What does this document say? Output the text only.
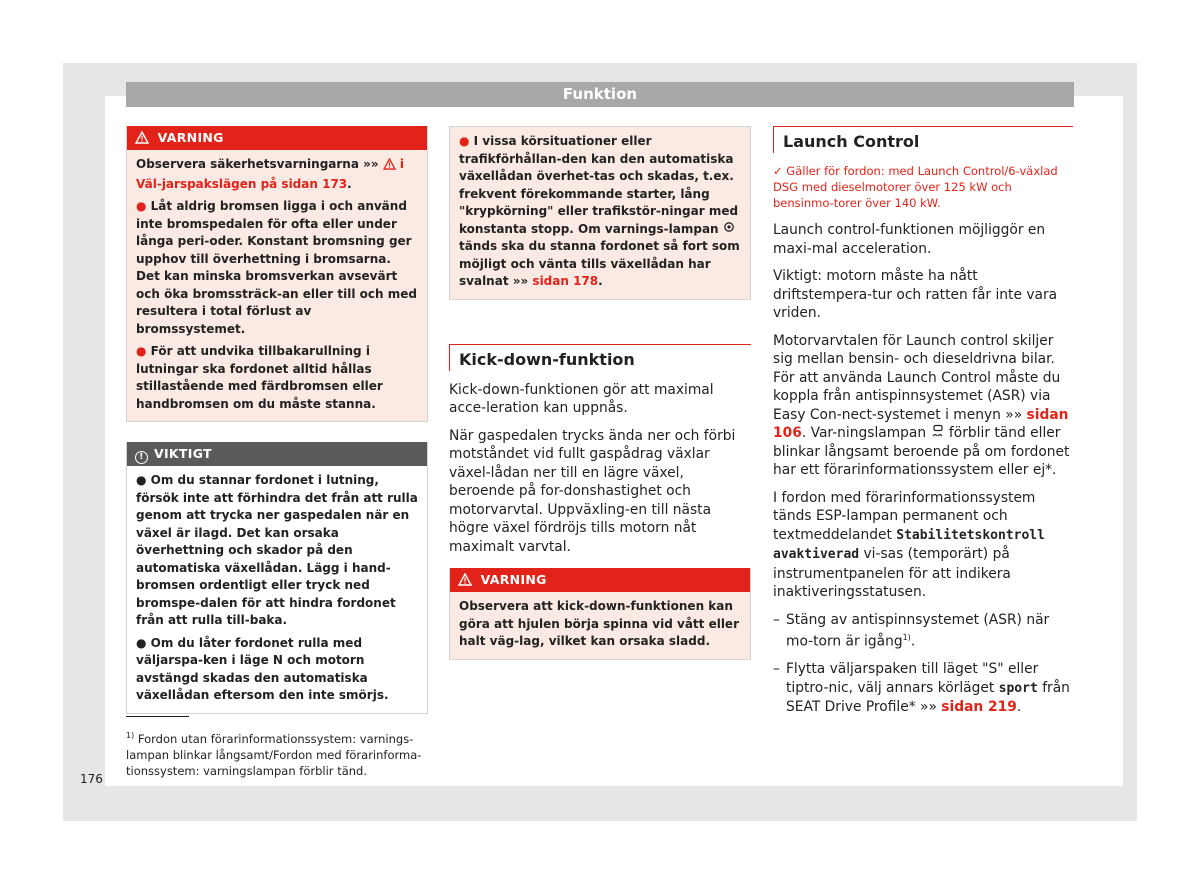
Funktion
VARNING

Observera säkerhetsvarningarna »» i Väl-jarspakslägen på sidan 173.

● Låt aldrig bromsen ligga i och använd inte bromspedalen för ofta eller under långa peri-oder. Konstant bromsning ger upphov till överhettning i bromsarna. Det kan minska bromsverkan avsevärt och öka bromssträck-an eller till och med resultera i total förlust av bromssystemet.

● För att undvika tillbakarullning i lutningar ska fordonet alltid hållas stillastående med färdbromsen eller handbromsen om du måste stanna.

! VIKTIGT

● Om du stannar fordonet i lutning, försök inte att förhindra det från att rulla genom att trycka ner gaspedalen när en växel är ilagd. Det kan orsaka överhettning och skador på den automatiska växellådan. Lägg i hand-bromsen ordentligt eller tryck ned bromspe-dalen för att hindra fordonet från att rulla till-baka.

● Om du låter fordonet rulla med väljarspa-ken i läge N och motorn avstängd skadas den automatiska växellådan eftersom den inte smörjs.

● I vissa körsituationer eller trafikförhållan-den kan den automatiska växellådan överhet-tas och skadas, t.ex. frekvent förekommande starter, lång "krypkörning" eller trafikstör-ningar med konstanta stopp. Om varnings-lampan  tänds ska du stanna fordonet så fort som möjligt och vänta tills växellådan har svalnat »» sidan 178.

Kick-down-funktion

Kick-down-funktionen gör att maximal acce-leration kan uppnås.

När gaspedalen trycks ända ner och förbi motståndet vid fullt gaspådrag växlar växel-lådan ner till en lägre växel, beroende på for-donshastighet och motorvarvtal. Uppväxling-en till nästa högre växel fördröjs tills motorn nåt maximalt varvtal.

VARNING

Observera att kick-down-funktionen kan göra att hjulen börja spinna vid vått eller halt väg-lag, vilket kan orsaka sladd.

Launch Control

✓ Gäller för fordon: med Launch Control/6-växlad DSG med dieselmotorer över 125 kW och bensinmo-torer över 140 kW.

Launch control-funktionen möjliggör en maxi-mal acceleration.

Viktigt: motorn måste ha nått driftstempera-tur och ratten får inte vara vriden.

Motorvarvtalen för Launch control skiljer sig mellan bensin- och dieseldrivna bilar. För att använda Launch Control måste du koppla från antispinnsystemet (ASR) via Easy Con-nect-systemet i menyn »» sidan 106. Var-ningslampan förblir tänd eller blinkar långsamt beroende på om fordonet har ett förarinformationssystem eller ej*.

I fordon med förarinformationssystem tänds ESP-lampan permanent och textmeddelandet Stabilitetskontroll avaktiverad vi-sas (temporärt) på instrumentpanelen för att indikera inaktiveringsstatusen.

– Stäng av antispinnsystemet (ASR) när mo-torn är igång$^{1)}$.

– Flytta väljarspaken till läget "S" eller tiptro-nic, välj annars körläget sport från SEAT Drive Profile* »» sidan 219.

$^{1)}$ Fordon utan förarinformationssystem: varnings-lampan blinkar långsamt/Fordon med förarinforma-tionssystem: varningslampan förblir tänd.
176
